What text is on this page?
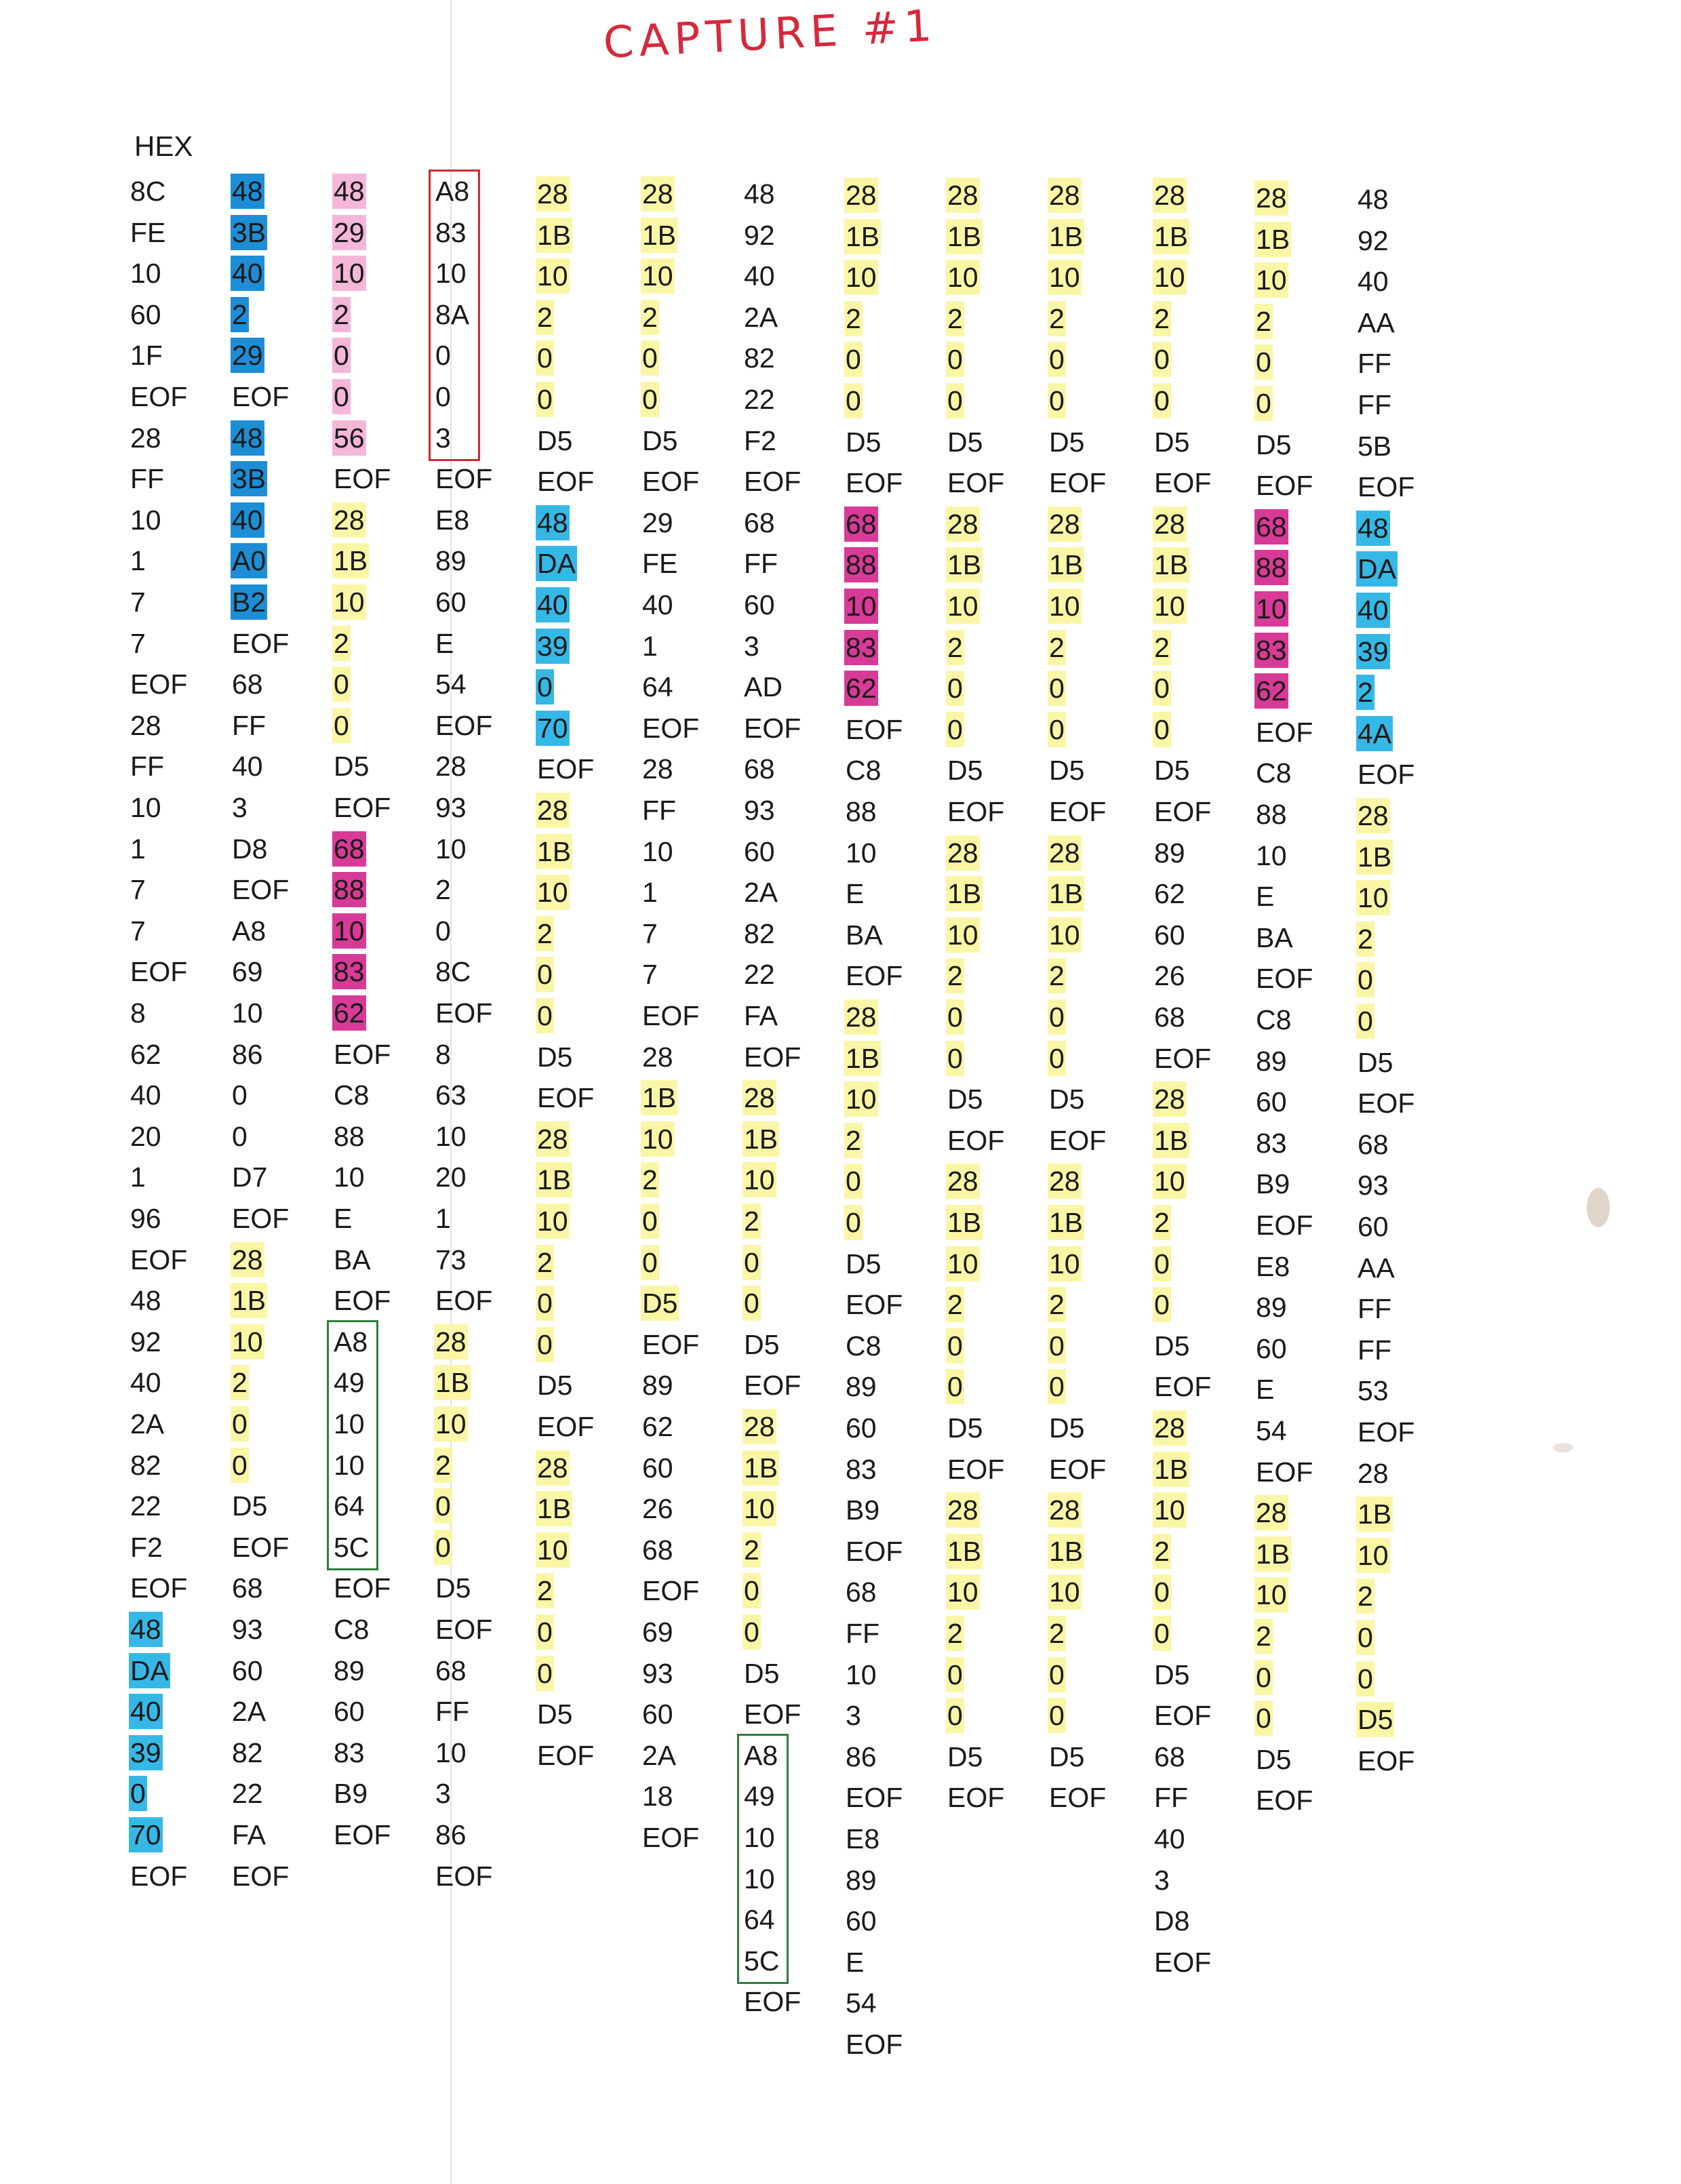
CAPTURE #1
HEX
8C
FE
10
60
1F
EOF
28
FF
10
1
7
7
EOF
28
FF
10
1
7
7
EOF
8
62
40
20
1
96
EOF
48
92
40
2A
82
22
F2
EOF
48
DA
40
39
0
70
EOF
48
3B
40
2
29
EOF
48
3B
40
A0
B2
EOF
68
FF
40
3
D8
EOF
A8
69
10
86
0
0
D7
EOF
28
1B
10
2
0
0
D5
EOF
68
93
60
2A
82
22
FA
EOF
48
29
10
2
0
0
56
EOF
28
1B
10
2
0
0
D5
EOF
68
88
10
83
62
EOF
C8
88
10
E
BA
EOF
A8
49
10
10
64
5C
EOF
C8
89
60
83
B9
EOF
A8
83
10
8A
0
0
3
EOF
E8
89
60
E
54
EOF
28
93
10
2
0
8C
EOF
8
63
10
20
1
73
EOF
28
1B
10
2
0
0
D5
EOF
68
FF
10
3
86
EOF
28
1B
10
2
0
0
D5
EOF
48
DA
40
39
0
70
EOF
28
1B
10
2
0
0
D5
EOF
28
1B
10
2
0
0
D5
EOF
28
1B
10
2
0
0
D5
EOF
28
1B
10
2
0
0
D5
EOF
29
FE
40
1
64
EOF
28
FF
10
1
7
7
EOF
28
1B
10
2
0
0
D5
EOF
89
62
60
26
68
EOF
69
93
60
2A
18
EOF
48
92
40
2A
82
22
F2
EOF
68
FF
60
3
AD
EOF
68
93
60
2A
82
22
FA
EOF
28
1B
10
2
0
0
D5
EOF
28
1B
10
2
0
0
D5
EOF
A8
49
10
10
64
5C
EOF
28
1B
10
2
0
0
D5
EOF
68
88
10
83
62
EOF
C8
88
10
E
BA
EOF
28
1B
10
2
0
0
D5
EOF
C8
89
60
83
B9
EOF
68
FF
10
3
86
EOF
E8
89
60
E
54
EOF
28
1B
10
2
0
0
D5
EOF
28
1B
10
2
0
0
D5
EOF
28
1B
10
2
0
0
D5
EOF
28
1B
10
2
0
0
D5
EOF
28
1B
10
2
0
0
D5
EOF
28
1B
10
2
0
0
D5
EOF
28
1B
10
2
0
0
D5
EOF
28
1B
10
2
0
0
D5
EOF
28
1B
10
2
0
0
D5
EOF
28
1B
10
2
0
0
D5
EOF
28
1B
10
2
0
0
D5
EOF
28
1B
10
2
0
0
D5
EOF
89
62
60
26
68
EOF
28
1B
10
2
0
0
D5
EOF
28
1B
10
2
0
0
D5
EOF
68
FF
40
3
D8
EOF
28
1B
10
2
0
0
D5
EOF
68
88
10
83
62
EOF
C8
88
10
E
BA
EOF
C8
89
60
83
B9
EOF
E8
89
60
E
54
EOF
28
1B
10
2
0
0
D5
EOF
48
92
40
AA
FF
FF
5B
EOF
48
DA
40
39
2
4A
EOF
28
1B
10
2
0
0
D5
EOF
68
93
60
AA
FF
FF
53
EOF
28
1B
10
2
0
0
D5
EOF
